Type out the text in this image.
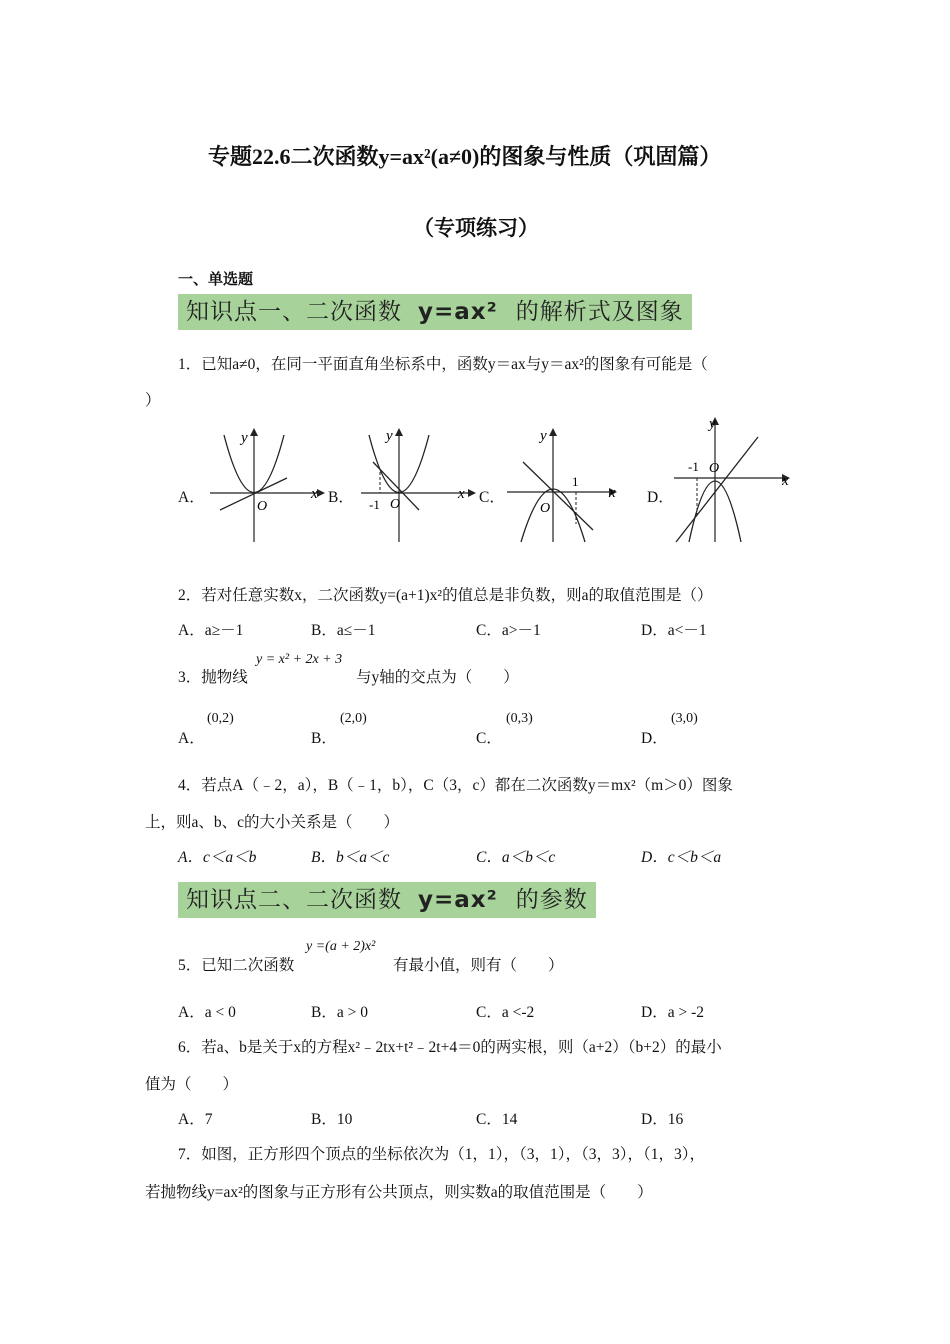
专题22.6二次函数y=ax²(a≠0)的图象与性质（巩固篇）
（专项练习）
一、单选题
知识点一、二次函数 y=ax² 的解析式及图象
1．已知a≠0，在同一平面直角坐标系中，函数y＝ax与y＝ax²的图象有可能是（
）
A．	B．	C．	D．
y
x
O
y
x
O
-1
y
x
O
1
y
x
O
-1
2．若对任意实数x，二次函数y=(a+1)x²的值总是非负数，则a的取值范围是（）
A．a≥－1	B．a≤－1	C．a>－1	D．a<－1
3．抛物线
y = x² + 2x + 3
与y轴的交点为（　　）
A．
(0,2)
B．
(2,0)
C．
(0,3)
D．
(3,0)
4．若点A（﹣2，a），B（﹣1，b），C（3，c）都在二次函数y＝mx²（m＞0）图象
上，则a、b、c的大小关系是（　　）
A．c＜a＜b	B．b＜a＜c	C．a＜b＜c	D．c＜b＜a
知识点二、二次函数 y=ax² 的参数
5．已知二次函数
y =(a + 2)x²
有最小值，则有（　　）
A．a < 0	B．a > 0	C．a <-2	D．a > -2
6．若a、b是关于x的方程x²﹣2tx+t²﹣2t+4＝0的两实根，则（a+2）（b+2）的最小
值为（　　）
A．7	B．10	C．14	D．16
7．如图，正方形四个顶点的坐标依次为（1，1），（3，1），（3，3），（1，3），
若抛物线y=ax²的图象与正方形有公共顶点，则实数a的取值范围是（　　）
